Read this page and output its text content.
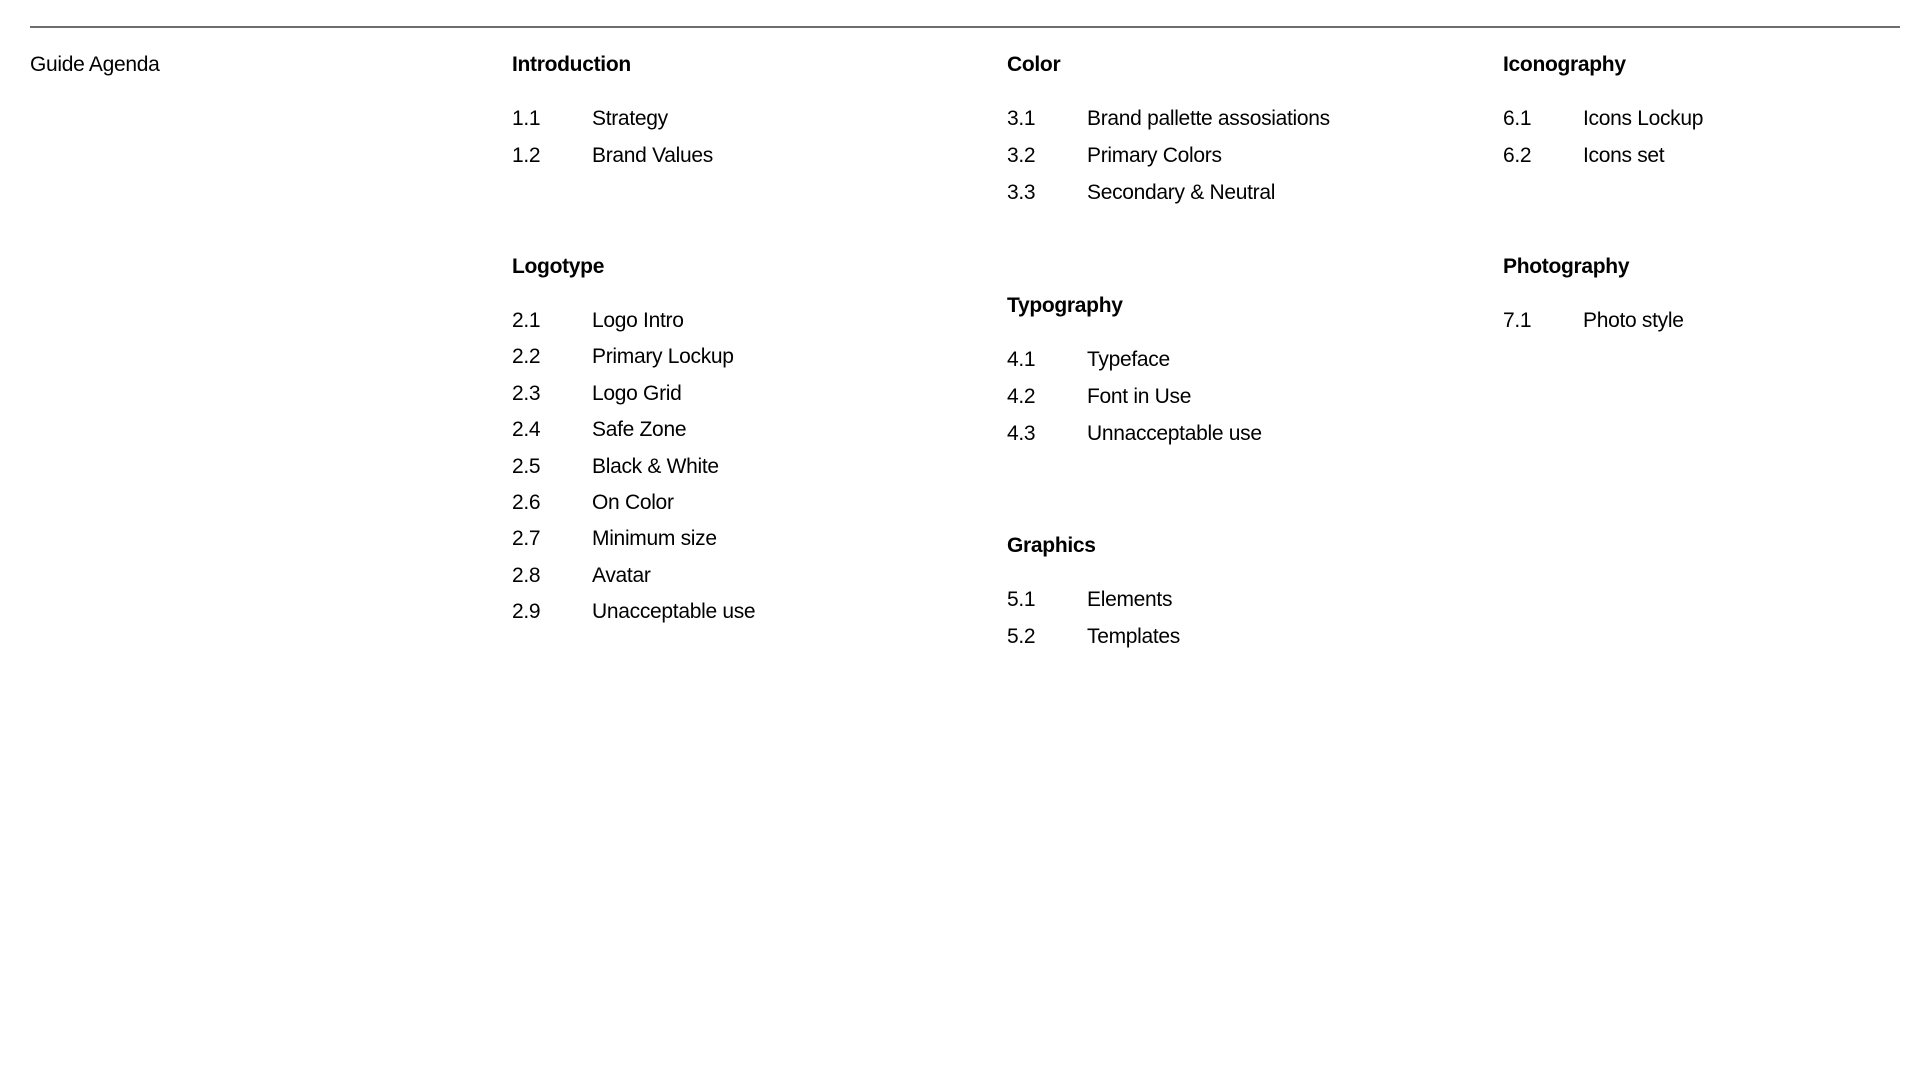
Guide Agenda	Introduction
1.1 Strategy
1.2 Brand Values
Logotype
2.1 Logo Intro
2.2 Primary Lockup
2.3 Logo Grid
2.4 Safe Zone
2.5 Black & White
2.6 On Color
2.7 Minimum size
2.8 Avatar
2.9 Unacceptable use
Color
3.1 Brand pallette assosiations
3.2 Primary Colors
3.3 Secondary & Neutral
Typography
4.1 Typeface
4.2 Font in Use
4.3 Unnacceptable use
Graphics
5.1 Elements
5.2 Templates
Iconography
6.1 Icons Lockup
6.2 Icons set
Photography
7.1 Photo style
